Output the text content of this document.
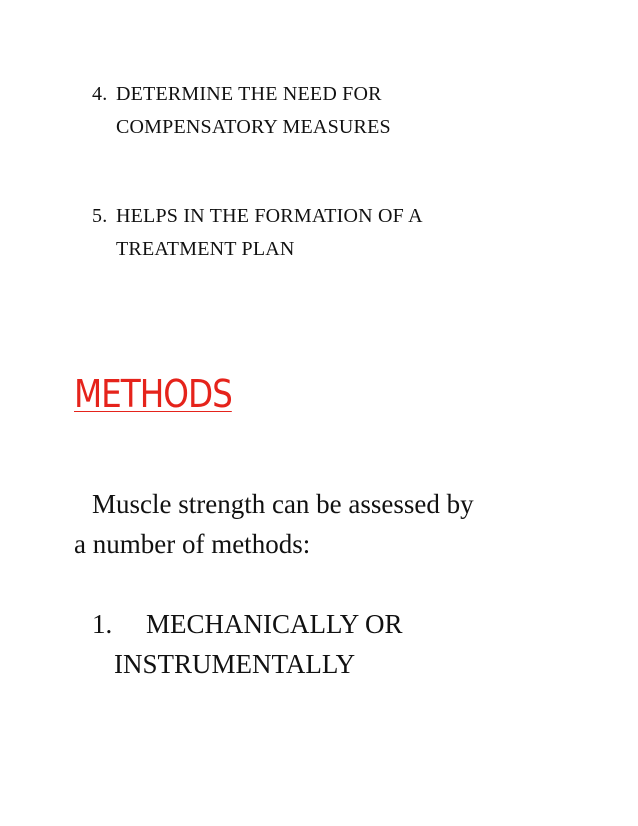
4. DETERMINE THE NEED FOR
COMPENSATORY MEASURES
5. HELPS IN THE FORMATION OF A
TREATMENT PLAN
METHODS
Muscle strength can be assessed by
a number of methods:
1. MECHANICALLY OR
INSTRUMENTALLY
